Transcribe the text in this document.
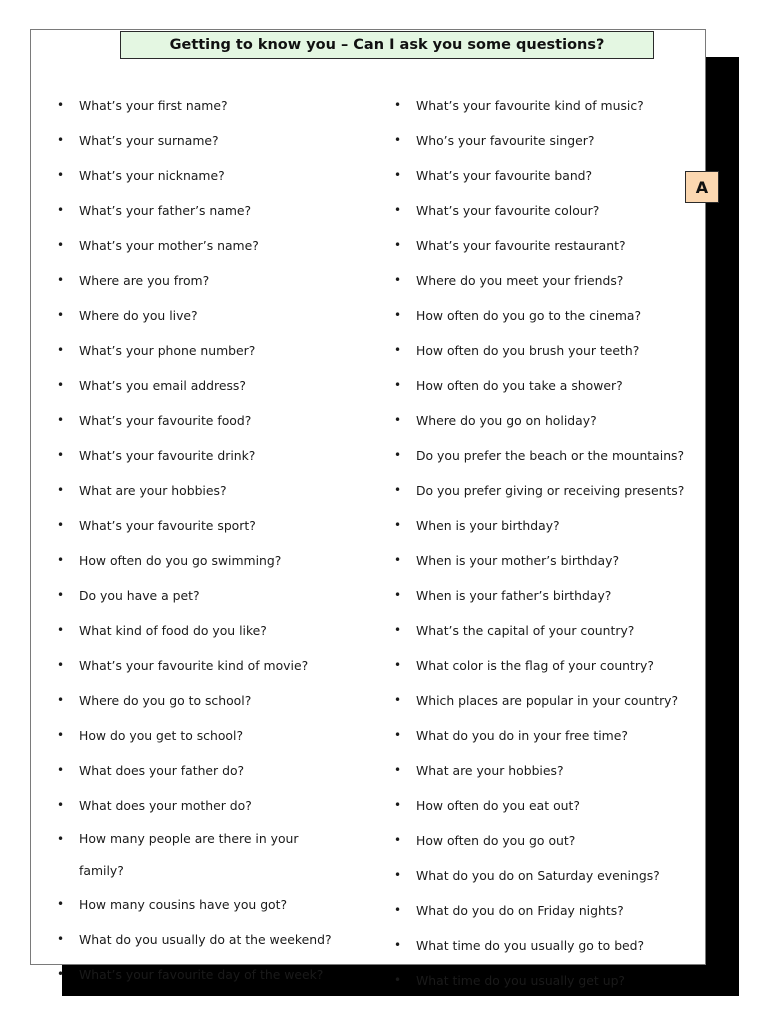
Getting to know you – Can I ask you some questions?
A
• What’s your first name?
• What’s your surname?
• What’s your nickname?
• What’s your father’s name?
• What’s your mother’s name?
• Where are you from?
• Where do you live?
• What’s your phone number?
• What’s you email address?
• What’s your favourite food?
• What’s your favourite drink?
• What are your hobbies?
• What’s your favourite sport?
• How often do you go swimming?
• Do you have a pet?
• What kind of food do you like?
• What’s your favourite kind of movie?
• Where do you go to school?
• How do you get to school?
• What does your father do?
• What does your mother do?
• How many people are there in your family?
• How many cousins have you got?
• What do you usually do at the weekend?
• What’s your favourite day of the week?
• What’s your favourite kind of music?
• Who’s your favourite singer?
• What’s your favourite band?
• What’s your favourite colour?
• What’s your favourite restaurant?
• Where do you meet your friends?
• How often do you go to the cinema?
• How often do you brush your teeth?
• How often do you take a shower?
• Where do you go on holiday?
• Do you prefer the beach or the mountains?
• Do you prefer giving or receiving presents?
• When is your birthday?
• When is your mother’s birthday?
• When is your father’s birthday?
• What’s the capital of your country?
• What color is the flag of your country?
• Which places are popular in your country?
• What do you do in your free time?
• What are your hobbies?
• How often do you eat out?
• How often do you go out?
• What do you do on Saturday evenings?
• What do you do on Friday nights?
• What time do you usually go to bed?
• What time do you usually get up?
